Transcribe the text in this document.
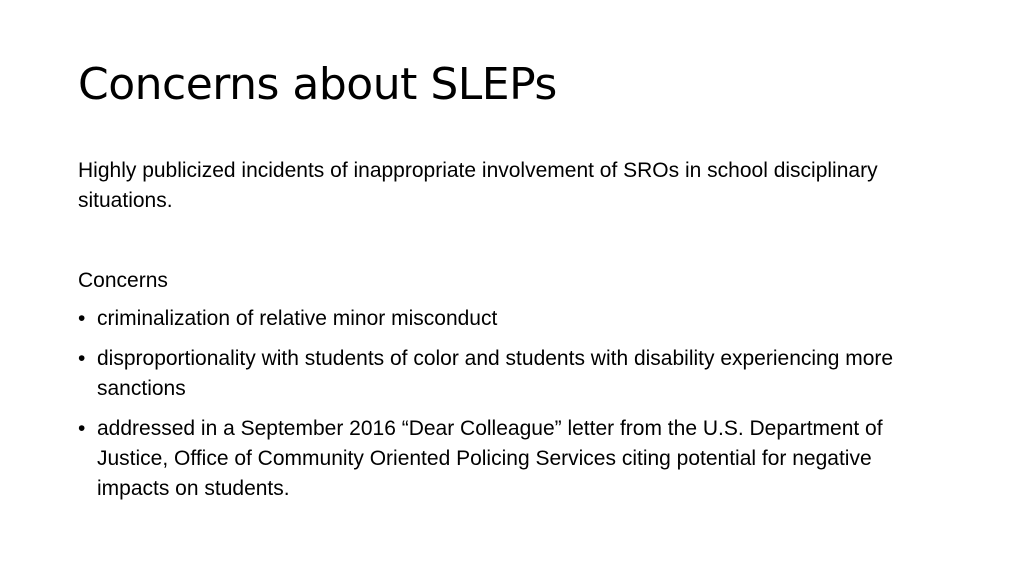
Concerns about SLEPs

Highly publicized incidents of inappropriate involvement of SROs in school disciplinary situations.

Concerns

• criminalization of relative minor misconduct
• disproportionality with students of color and students with disability experiencing more sanctions
• addressed in a September 2016 “Dear Colleague” letter from the U.S. Department of Justice, Office of Community Oriented Policing Services citing potential for negative impacts on students.
